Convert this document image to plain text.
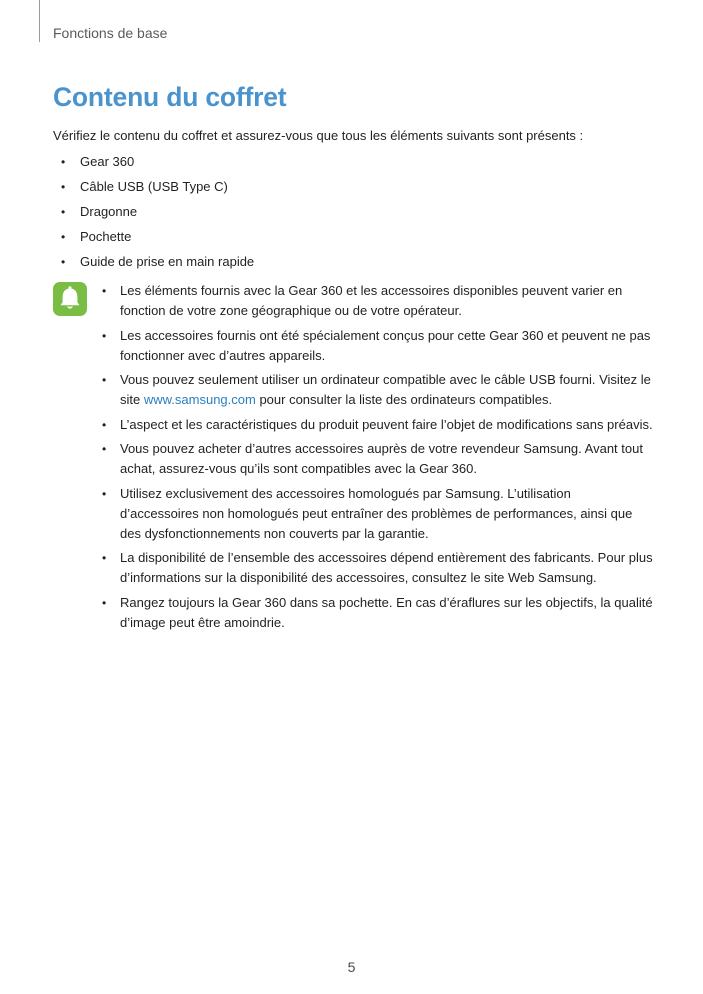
Fonctions de base
Contenu du coffret
Vérifiez le contenu du coffret et assurez-vous que tous les éléments suivants sont présents :
• Gear 360
• Câble USB (USB Type C)
• Dragonne
• Pochette
• Guide de prise en main rapide
• Les éléments fournis avec la Gear 360 et les accessoires disponibles peuvent varier en fonction de votre zone géographique ou de votre opérateur.
• Les accessoires fournis ont été spécialement conçus pour cette Gear 360 et peuvent ne pas fonctionner avec d’autres appareils.
• Vous pouvez seulement utiliser un ordinateur compatible avec le câble USB fourni. Visitez le site www.samsung.com pour consulter la liste des ordinateurs compatibles.
• L’aspect et les caractéristiques du produit peuvent faire l’objet de modifications sans préavis.
• Vous pouvez acheter d’autres accessoires auprès de votre revendeur Samsung. Avant tout achat, assurez-vous qu’ils sont compatibles avec la Gear 360.
• Utilisez exclusivement des accessoires homologués par Samsung. L’utilisation d’accessoires non homologués peut entraîner des problèmes de performances, ainsi que des dysfonctionnements non couverts par la garantie.
• La disponibilité de l’ensemble des accessoires dépend entièrement des fabricants. Pour plus d’informations sur la disponibilité des accessoires, consultez le site Web Samsung.
• Rangez toujours la Gear 360 dans sa pochette. En cas d’éraflures sur les objectifs, la qualité d’image peut être amoindrie.
5
